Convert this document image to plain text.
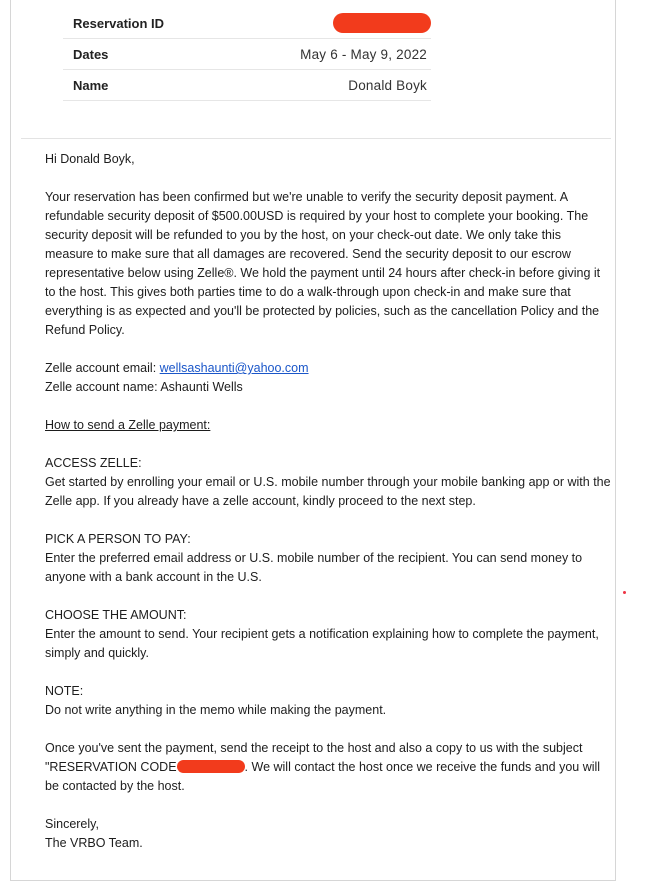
Reservation ID
Dates	May 6 - May 9, 2022
Name	Donald Boyk

Hi Donald Boyk,

Your reservation has been confirmed but we're unable to verify the security deposit payment. A refundable security deposit of $500.00USD is required by your host to complete your booking. The security deposit will be refunded to you by the host, on your check-out date. We only take this measure to make sure that all damages are recovered. Send the security deposit to our escrow representative below using Zelle®. We hold the payment until 24 hours after check-in before giving it to the host. This gives both parties time to do a walk-through upon check-in and make sure that everything is as expected and you'll be protected by policies, such as the cancellation Policy and the Refund Policy.

Zelle account email: wellsashaunti@yahoo.com

Zelle account name: Ashaunti Wells

How to send a Zelle payment:

ACCESS ZELLE:

Get started by enrolling your email or U.S. mobile number through your mobile banking app or with the Zelle app. If you already have a zelle account, kindly proceed to the next step.

PICK A PERSON TO PAY:

Enter the preferred email address or U.S. mobile number of the recipient. You can send money to anyone with a bank account in the U.S.

CHOOSE THE AMOUNT:

Enter the amount to send. Your recipient gets a notification explaining how to complete the payment, simply and quickly.

NOTE:

Do not write anything in the memo while making the payment.

Once you've sent the payment, send the receipt to the host and also a copy to us with the subject "RESERVATION CODE	. We will contact the host once we receive the funds and you will be contacted by the host.

Sincerely,

The VRBO Team.
